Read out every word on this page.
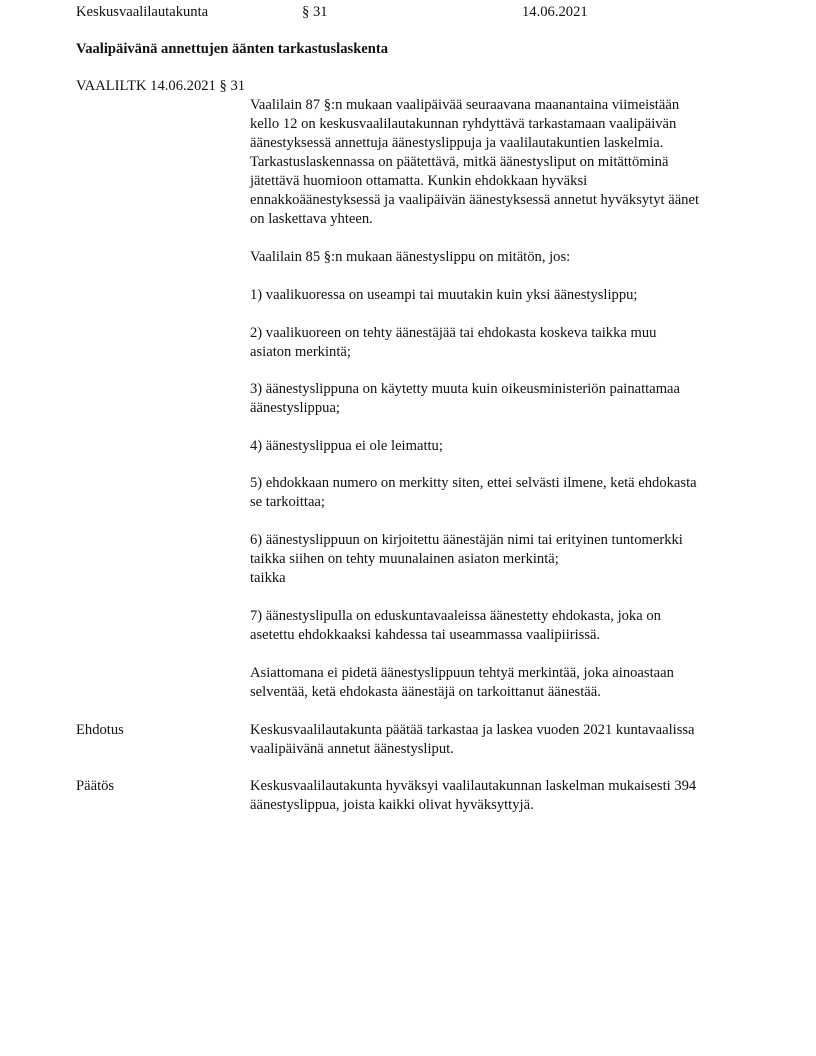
Keskusvaalilautakunta	§ 31	14.06.2021
Vaalipäivänä annettujen äänten tarkastuslaskenta
VAALILTK 14.06.2021 § 31
Vaalilain 87 §:n mukaan vaalipäivää seuraavana maanantaina viimeistään
kello 12 on keskusvaalilautakunnan ryhdyttävä tarkastamaan vaalipäivän
äänestyksessä annettuja äänestyslippuja ja vaalilautakuntien laskelmia.
Tarkastuslaskennassa on päätettävä, mitkä äänestysliput on mitättöminä
jätettävä huomioon ottamatta. Kunkin ehdokkaan hyväksi
ennakkoäänestyksessä ja vaalipäivän äänestyksessä annetut hyväksytyt äänet
on laskettava yhteen.
Vaalilain 85 §:n mukaan äänestyslippu on mitätön, jos:
1) vaalikuoressa on useampi tai muutakin kuin yksi äänestyslippu;
2) vaalikuoreen on tehty äänestäjää tai ehdokasta koskeva taikka muu
asiaton merkintä;
3) äänestyslippuna on käytetty muuta kuin oikeusministeriön painattamaa
äänestyslippua;
4) äänestyslippua ei ole leimattu;
5) ehdokkaan numero on merkitty siten, ettei selvästi ilmene, ketä ehdokasta
se tarkoittaa;
6) äänestyslippuun on kirjoitettu äänestäjän nimi tai erityinen tuntomerkki
taikka siihen on tehty muunalainen asiaton merkintä;
taikka
7) äänestyslipulla on eduskuntavaaleissa äänestetty ehdokasta, joka on
asetettu ehdokkaaksi kahdessa tai useammassa vaalipiirissä.
Asiattomana ei pidetä äänestyslippuun tehtyä merkintää, joka ainoastaan
selventää, ketä ehdokasta äänestäjä on tarkoittanut äänestää.
Ehdotus	Keskusvaalilautakunta päätää tarkastaa ja laskea vuoden 2021 kuntavaalissa
vaalipäivänä annetut äänestysliput.
Päätös	Keskusvaalilautakunta hyväksyi vaalilautakunnan laskelman mukaisesti 394
äänestyslippua, joista kaikki olivat hyväksyttyjä.
